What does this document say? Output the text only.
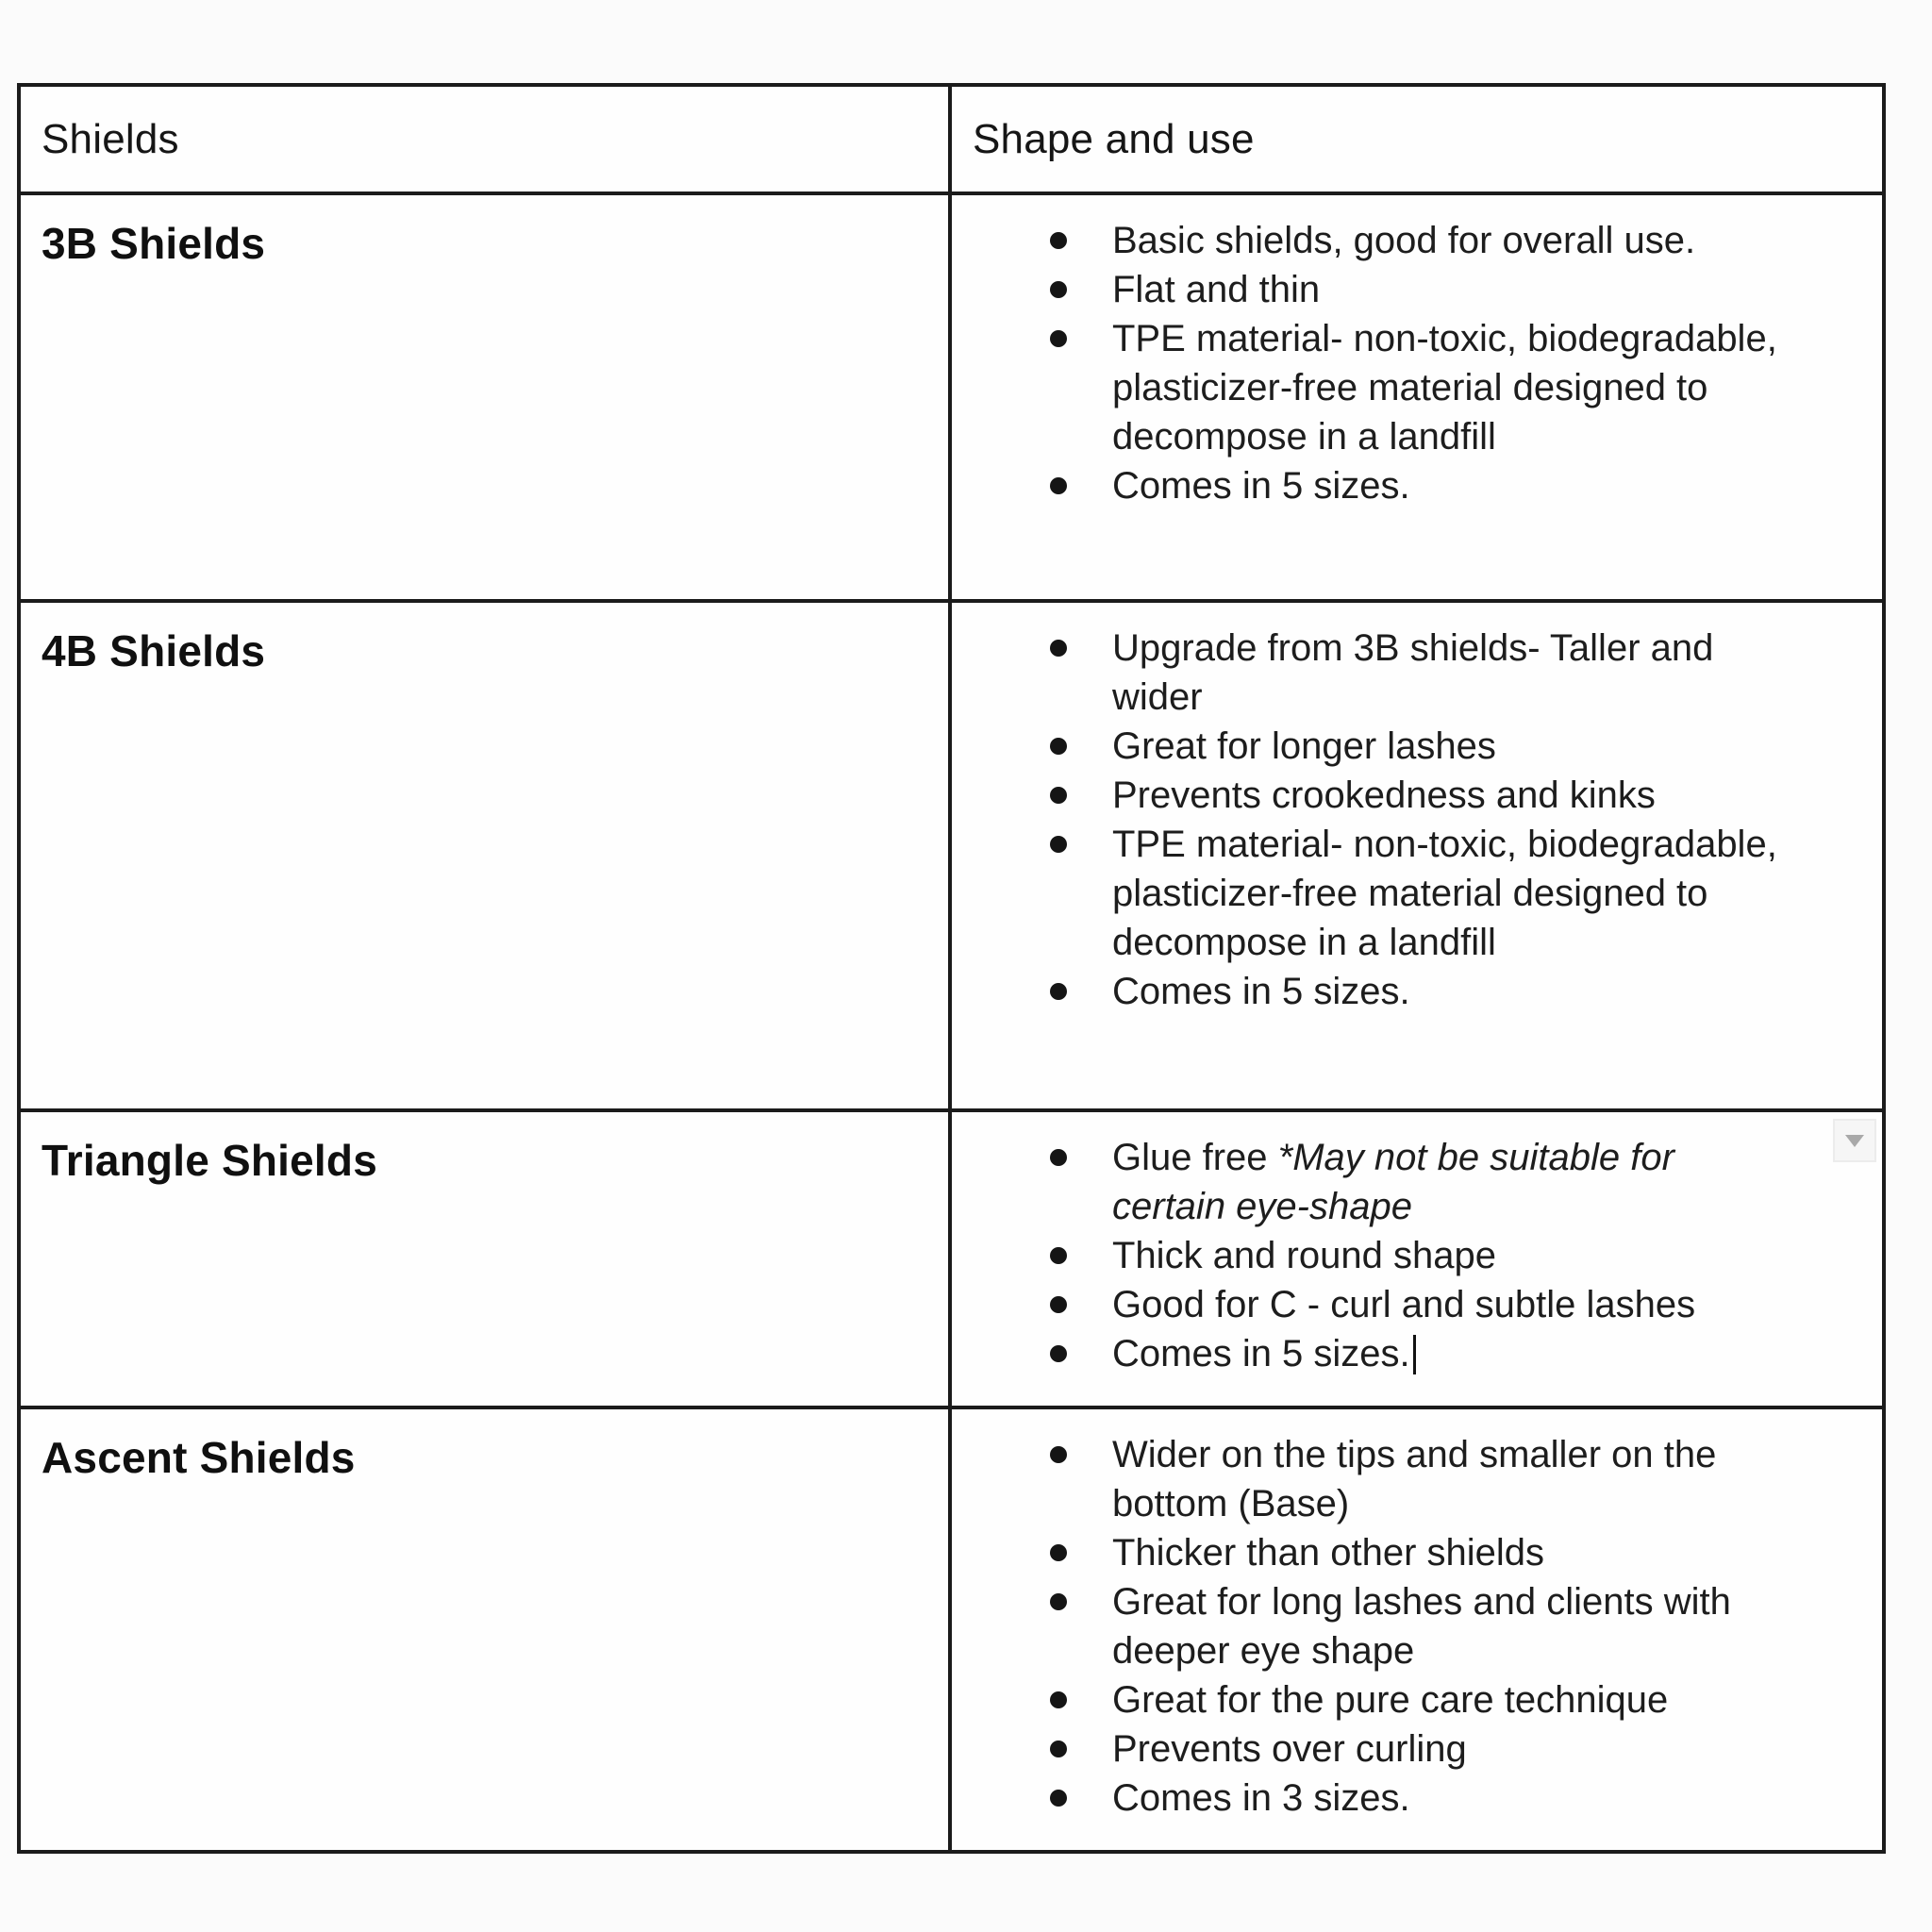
Shields	Shape and use

3B Shields	Basic shields, good for overall use.
Flat and thin
TPE material- non-toxic, biodegradable, plasticizer-free material designed to decompose in a landfill
Comes in 5 sizes.

4B Shields	Upgrade from 3B shields- Taller and wider
Great for longer lashes
Prevents crookedness and kinks
TPE material- non-toxic, biodegradable, plasticizer-free material designed to decompose in a landfill
Comes in 5 sizes.

Triangle Shields	Glue free *May not be suitable for certain eye-shape
Thick and round shape
Good for C - curl and subtle lashes
Comes in 5 sizes.

Ascent Shields	Wider on the tips and smaller on the bottom (Base)
Thicker than other shields
Great for long lashes and clients with deeper eye shape
Great for the pure care technique
Prevents over curling
Comes in 3 sizes.
